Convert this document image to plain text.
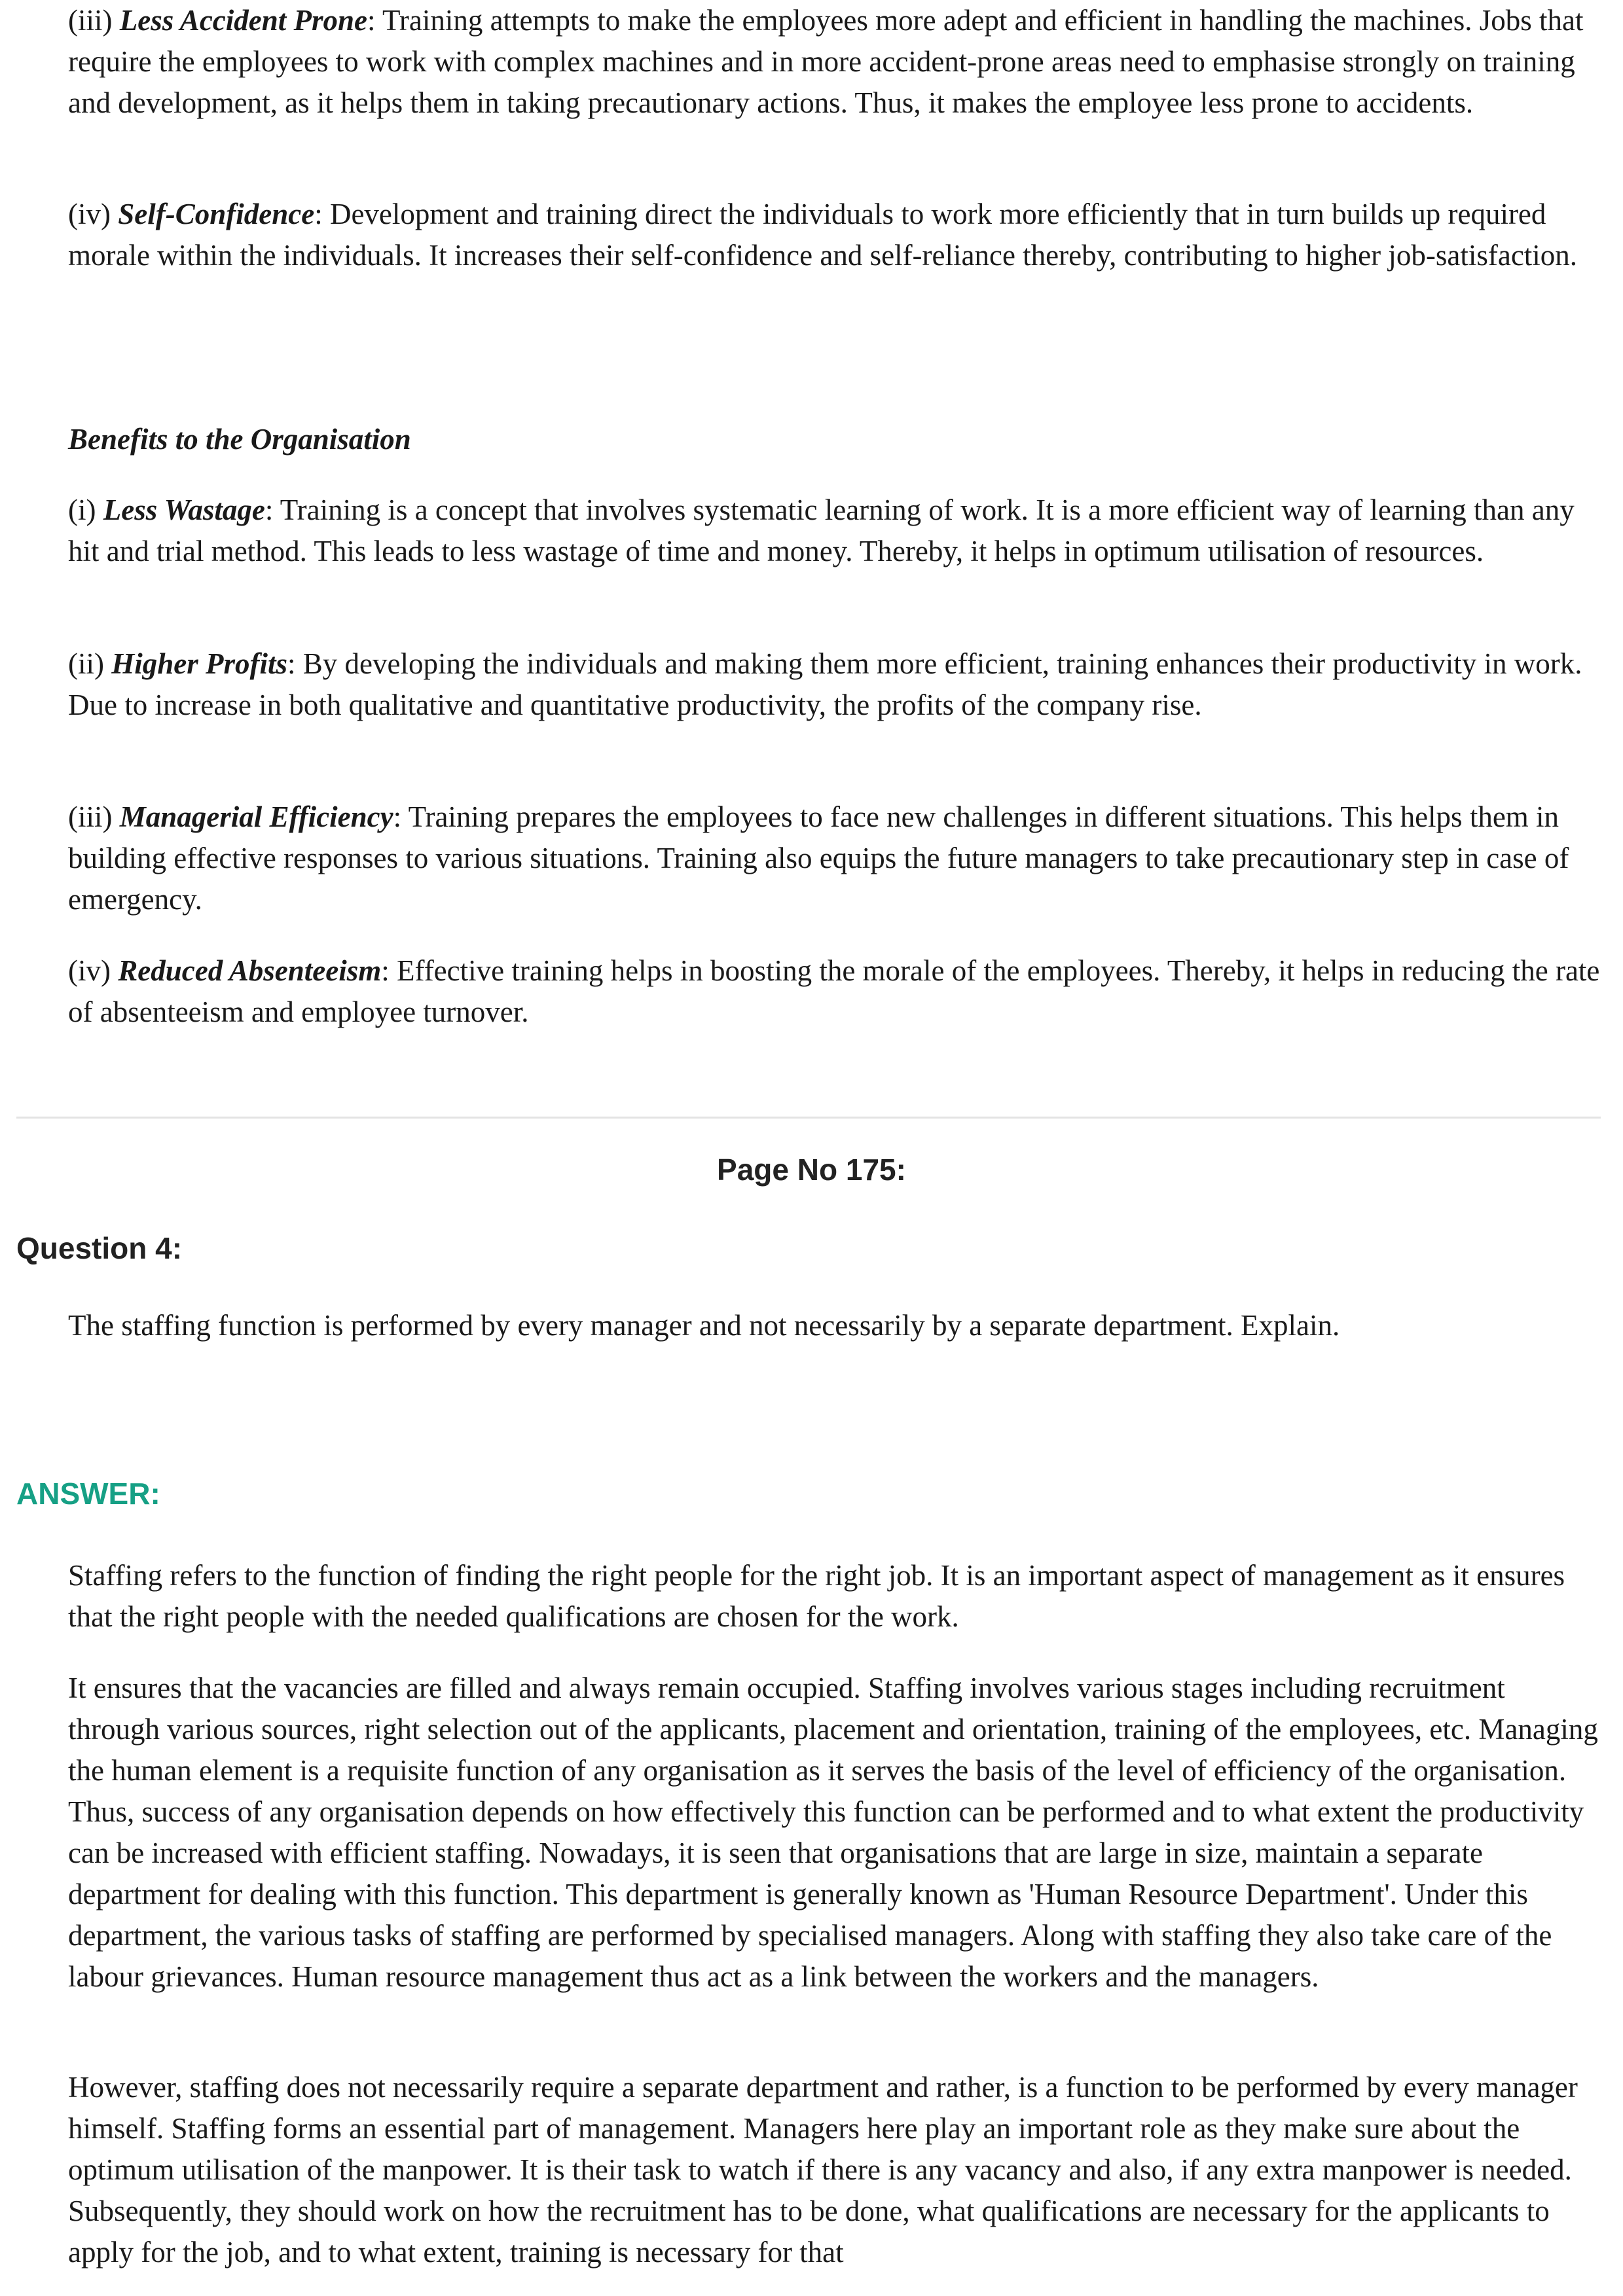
(iii) Less Accident Prone: Training attempts to make the employees more adept and efficient in handling the machines. Jobs that require the employees to work with complex machines and in more accident-prone areas need to emphasise strongly on training and development, as it helps them in taking precautionary actions. Thus, it makes the employee less prone to accidents.
(iv) Self-Confidence: Development and training direct the individuals to work more efficiently that in turn builds up required morale within the individuals. It increases their self-confidence and self-reliance thereby, contributing to higher job-satisfaction.
Benefits to the Organisation
(i) Less Wastage: Training is a concept that involves systematic learning of work. It is a more efficient way of learning than any hit and trial method. This leads to less wastage of time and money. Thereby, it helps in optimum utilisation of resources.
(ii) Higher Profits: By developing the individuals and making them more efficient, training enhances their productivity in work. Due to increase in both qualitative and quantitative productivity, the profits of the company rise.
(iii) Managerial Efficiency: Training prepares the employees to face new challenges in different situations. This helps them in building effective responses to various situations. Training also equips the future managers to take precautionary step in case of emergency.
(iv) Reduced Absenteeism: Effective training helps in boosting the morale of the employees. Thereby, it helps in reducing the rate of absenteeism and employee turnover.
Page No 175:
Question 4:
The staffing function is performed by every manager and not necessarily by a separate department. Explain.
ANSWER:
Staffing refers to the function of finding the right people for the right job. It is an important aspect of management as it ensures that the right people with the needed qualifications are chosen for the work.
It ensures that the vacancies are filled and always remain occupied. Staffing involves various stages including recruitment through various sources, right selection out of the applicants, placement and orientation, training of the employees, etc. Managing the human element is a requisite function of any organisation as it serves the basis of the level of efficiency of the organisation. Thus, success of any organisation depends on how effectively this function can be performed and to what extent the productivity can be increased with efficient staffing. Nowadays, it is seen that organisations that are large in size, maintain a separate department for dealing with this function. This department is generally known as 'Human Resource Department'. Under this department, the various tasks of staffing are performed by specialised managers. Along with staffing they also take care of the labour grievances. Human resource management thus act as a link between the workers and the managers.
However, staffing does not necessarily require a separate department and rather, is a function to be performed by every manager himself. Staffing forms an essential part of management. Managers here play an important role as they make sure about the optimum utilisation of the manpower. It is their task to watch if there is any vacancy and also, if any extra manpower is needed. Subsequently, they should work on how the recruitment has to be done, what qualifications are necessary for the applicants to apply for the job, and to what extent, training is necessary for that
